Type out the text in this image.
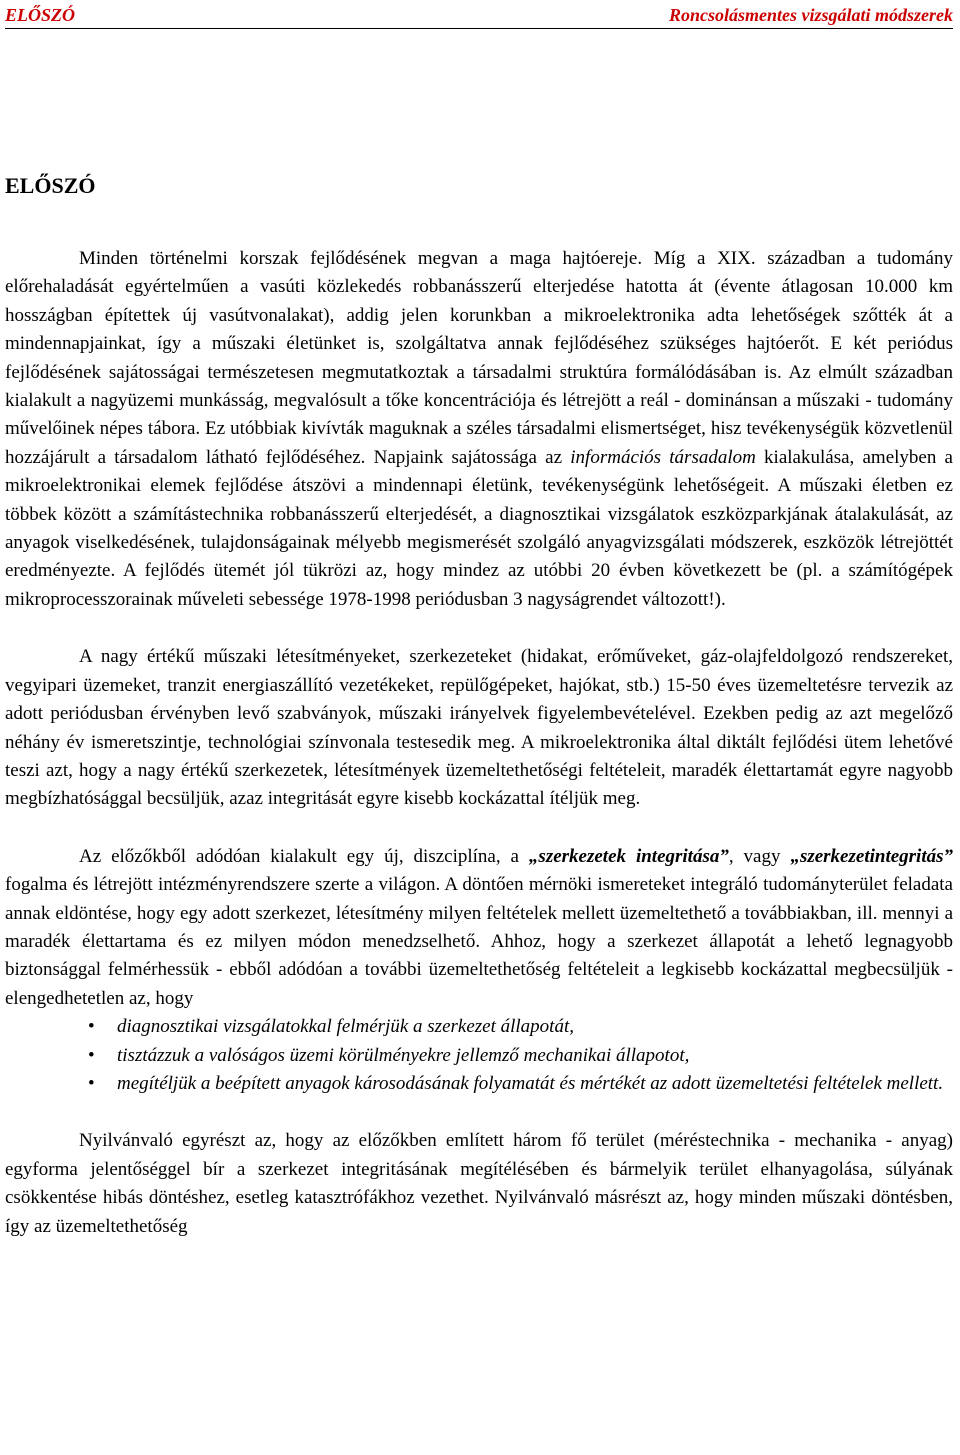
ELŐSZÓ	Roncsolásmentes vizsgálati módszerek
ELŐSZÓ

Minden történelmi korszak fejlődésének megvan a maga hajtóereje. Míg a XIX. században a tudomány előrehaladását egyértelműen a vasúti közlekedés robbanásszerű elterjedése hatotta át (évente átlagosan 10.000 km hosszágban építettek új vasútvonalakat), addig jelen korunkban a mikroelektronika adta lehetőségek szőtték át a mindennapjainkat, így a műszaki életünket is, szolgáltatva annak fejlődéséhez szükséges hajtóerőt. E két periódus fejlődésének sajátosságai természetesen megmutatkoztak a társadalmi struktúra formálódásában is. Az elmúlt században kialakult a nagyüzemi munkásság, megvalósult a tőke koncentrációja és létrejött a reál - dominánsan a műszaki - tudomány művelőinek népes tábora. Ez utóbbiak kivívták maguknak a széles társadalmi elismertséget, hisz tevékenységük közvetlenül hozzájárult a társadalom látható fejlődéséhez. Napjaink sajátossága az információs társadalom kialakulása, amelyben a mikroelektronikai elemek fejlődése átszövi a mindennapi életünk, tevékenységünk lehetőségeit. A műszaki életben ez többek között a számítástechnika robbanásszerű elterjedését, a diagnosztikai vizsgálatok eszközparkjának átalakulását, az anyagok viselkedésének, tulajdonságainak mélyebb megismerését szolgáló anyagvizsgálati módszerek, eszközök létrejöttét eredményezte. A fejlődés ütemét jól tükrözi az, hogy mindez az utóbbi 20 évben következett be (pl. a számítógépek mikroprocesszorainak műveleti sebessége 1978-1998 periódusban 3 nagyságrendet változott!).

A nagy értékű műszaki létesítményeket, szerkezeteket (hidakat, erőműveket, gáz-olajfeldolgozó rendszereket, vegyipari üzemeket, tranzit energiaszállító vezetékeket, repülőgépeket, hajókat, stb.) 15-50 éves üzemeltetésre tervezik az adott periódusban érvényben levő szabványok, műszaki irányelvek figyelembevételével. Ezekben pedig az azt megelőző néhány év ismeretszintje, technológiai színvonala testesedik meg. A mikroelektronika által diktált fejlődési ütem lehetővé teszi azt, hogy a nagy értékű szerkezetek, létesítmények üzemeltethetőségi feltételeit, maradék élettartamát egyre nagyobb megbízhatósággal becsüljük, azaz integritását egyre kisebb kockázattal ítéljük meg.

Az előzőkből adódóan kialakult egy új, diszciplína, a „szerkezetek integritása”, vagy „szerkezetintegritás” fogalma és létrejött intézményrendszere szerte a világon. A döntően mérnöki ismereteket integráló tudományterület feladata annak eldöntése, hogy egy adott szerkezet, létesítmény milyen feltételek mellett üzemeltethető a továbbiakban, ill. mennyi a maradék élettartama és ez milyen módon menedzselhető. Ahhoz, hogy a szerkezet állapotát a lehető legnagyobb biztonsággal felmérhessük - ebből adódóan a további üzemeltethetőség feltételeit a legkisebb kockázattal megbecsüljük - elengedhetetlen az, hogy

• diagnosztikai vizsgálatokkal felmérjük a szerkezet állapotát,
• tisztázzuk a valóságos üzemi körülményekre jellemző mechanikai állapotot,
• megítéljük a beépített anyagok károsodásának folyamatát és mértékét az adott üzemeltetési feltételek mellett.

Nyilvánvaló egyrészt az, hogy az előzőkben említett három fő terület (méréstechnika - mechanika - anyag) egyforma jelentőséggel bír a szerkezet integritásának megítélésében és bármelyik terület elhanyagolása, súlyának csökkentése hibás döntéshez, esetleg katasztrófákhoz vezethet. Nyilvánvaló másrészt az, hogy minden műszaki döntésben, így az üzemeltethetőség
